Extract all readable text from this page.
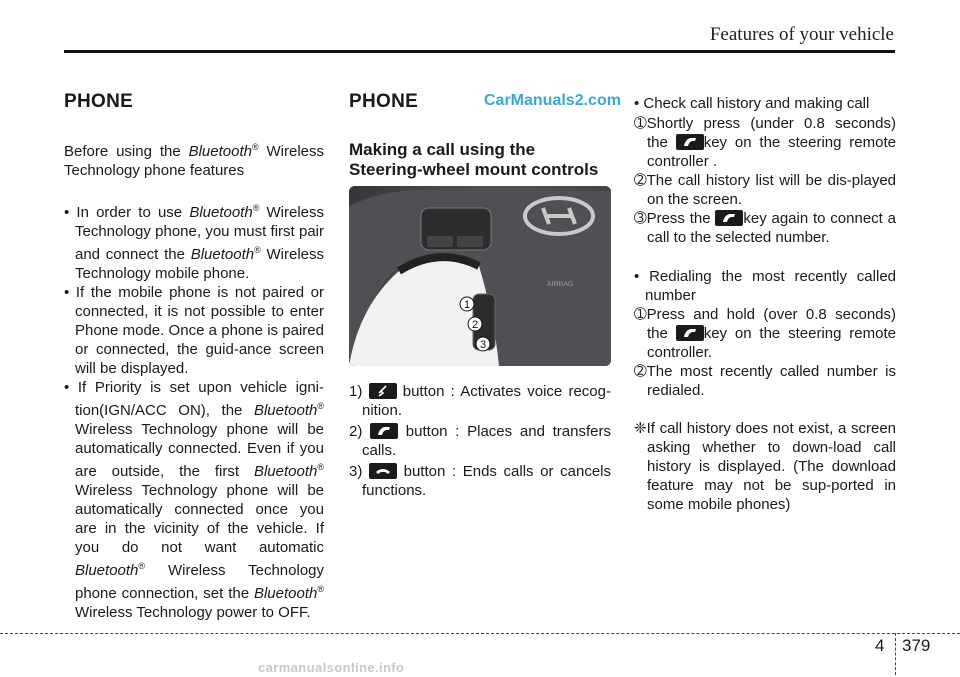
Features of your vehicle
PHONE

Before using the Bluetooth® Wireless Technology phone features

• In order to use Bluetooth® Wireless Technology phone, you must first pair and connect the Bluetooth® Wireless Technology mobile phone.

• If the mobile phone is not paired or connected, it is not possible to enter Phone mode. Once a phone is paired or connected, the guid-ance screen will be displayed.

• If Priority is set upon vehicle igni-tion(IGN/ACC ON), the Bluetooth® Wireless Technology phone will be automatically connected. Even if you are outside, the first Bluetooth® Wireless Technology phone will be automatically connected once you are in the vicinity of the vehicle. If you do not want automatic Bluetooth® Wireless Technology phone connection, set the Bluetooth® Wireless Technology power to OFF.

PHONE
Making a call using the Steering-wheel mount controls
CarManuals2.com
AIRBAG
1
2
3

1)
button : Activates voice recog-nition.

2)
button : Places and transfers calls.

3)
button : Ends calls or cancels functions.

• Check call history and making call

➀Shortly press (under 0.8 seconds) the
key on the steering remote controller .

➁The call history list will be dis-played on the screen.

➂Press the
key again to connect a call to the selected number.

• Redialing the most recently called number

➀Press and hold (over 0.8 seconds) the
key on the steering remote controller.

➁The most recently called number is redialed.

❈If call history does not exist, a screen asking whether to down-load call history is displayed. (The download feature may not be sup-ported in some mobile phones)

4 379
carmanualsonline.info
